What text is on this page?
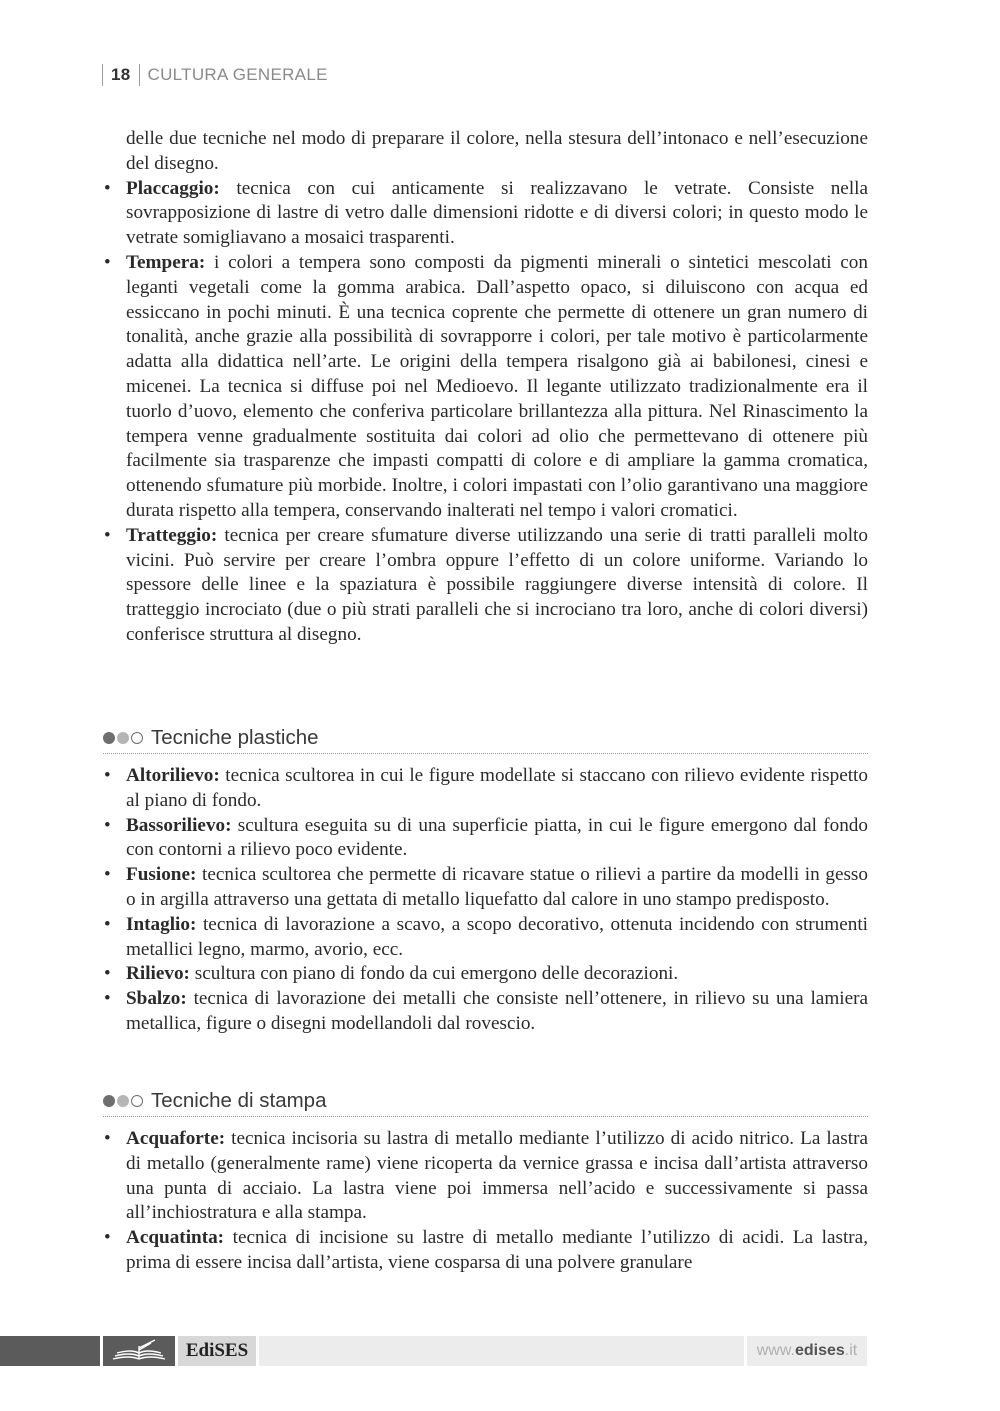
18 CULTURA GENERALE

delle due tecniche nel modo di preparare il colore, nella stesura dell’intonaco e nell’esecuzione del disegno.

• Placcaggio: tecnica con cui anticamente si realizzavano le vetrate. Consiste nella sovrapposizione di lastre di vetro dalle dimensioni ridotte e di diversi colori; in questo modo le vetrate somigliavano a mosaici trasparenti.
• Tempera: i colori a tempera sono composti da pigmenti minerali o sintetici mescolati con leganti vegetali come la gomma arabica. Dall’aspetto opaco, si diluiscono con acqua ed essiccano in pochi minuti. È una tecnica coprente che permette di ottenere un gran numero di tonalità, anche grazie alla possibilità di sovrapporre i colori, per tale motivo è particolarmente adatta alla didattica nell’arte. Le origini della tempera risalgono già ai babilonesi, cinesi e micenei. La tecnica si diffuse poi nel Medioevo. Il legante utilizzato tradizionalmente era il tuorlo d’uovo, elemento che conferiva particolare brillantezza alla pittura. Nel Rinascimento la tempera venne gradualmente sostituita dai colori ad olio che permettevano di ottenere più facilmente sia trasparenze che impasti compatti di colore e di ampliare la gamma cromatica, ottenendo sfumature più morbide. Inoltre, i colori impastati con l’olio garantivano una maggiore durata rispetto alla tempera, conservando inalterati nel tempo i valori cromatici.
• Tratteggio: tecnica per creare sfumature diverse utilizzando una serie di tratti paralleli molto vicini. Può servire per creare l’ombra oppure l’effetto di un colore uniforme. Variando lo spessore delle linee e la spaziatura è possibile raggiungere diverse intensità di colore. Il tratteggio incrociato (due o più strati paralleli che si incrociano tra loro, anche di colori diversi) conferisce struttura al disegno.
Tecniche plastiche
• Altorilievo: tecnica scultorea in cui le figure modellate si staccano con rilievo evidente rispetto al piano di fondo.
• Bassorilievo: scultura eseguita su di una superficie piatta, in cui le figure emergono dal fondo con contorni a rilievo poco evidente.
• Fusione: tecnica scultorea che permette di ricavare statue o rilievi a partire da modelli in gesso o in argilla attraverso una gettata di metallo liquefatto dal calore in uno stampo predisposto.
• Intaglio: tecnica di lavorazione a scavo, a scopo decorativo, ottenuta incidendo con strumenti metallici legno, marmo, avorio, ecc.
• Rilievo: scultura con piano di fondo da cui emergono delle decorazioni.
• Sbalzo: tecnica di lavorazione dei metalli che consiste nell’ottenere, in rilievo su una lamiera metallica, figure o disegni modellandoli dal rovescio.
Tecniche di stampa
• Acquaforte: tecnica incisoria su lastra di metallo mediante l’utilizzo di acido nitrico. La lastra di metallo (generalmente rame) viene ricoperta da vernice grassa e incisa dall’artista attraverso una punta di acciaio. La lastra viene poi immersa nell’acido e successivamente si passa all’inchiostratura e alla stampa.
• Acquatinta: tecnica di incisione su lastre di metallo mediante l’utilizzo di acidi. La lastra, prima di essere incisa dall’artista, viene cosparsa di una polvere granulare
EdiSES	www. edises .it
